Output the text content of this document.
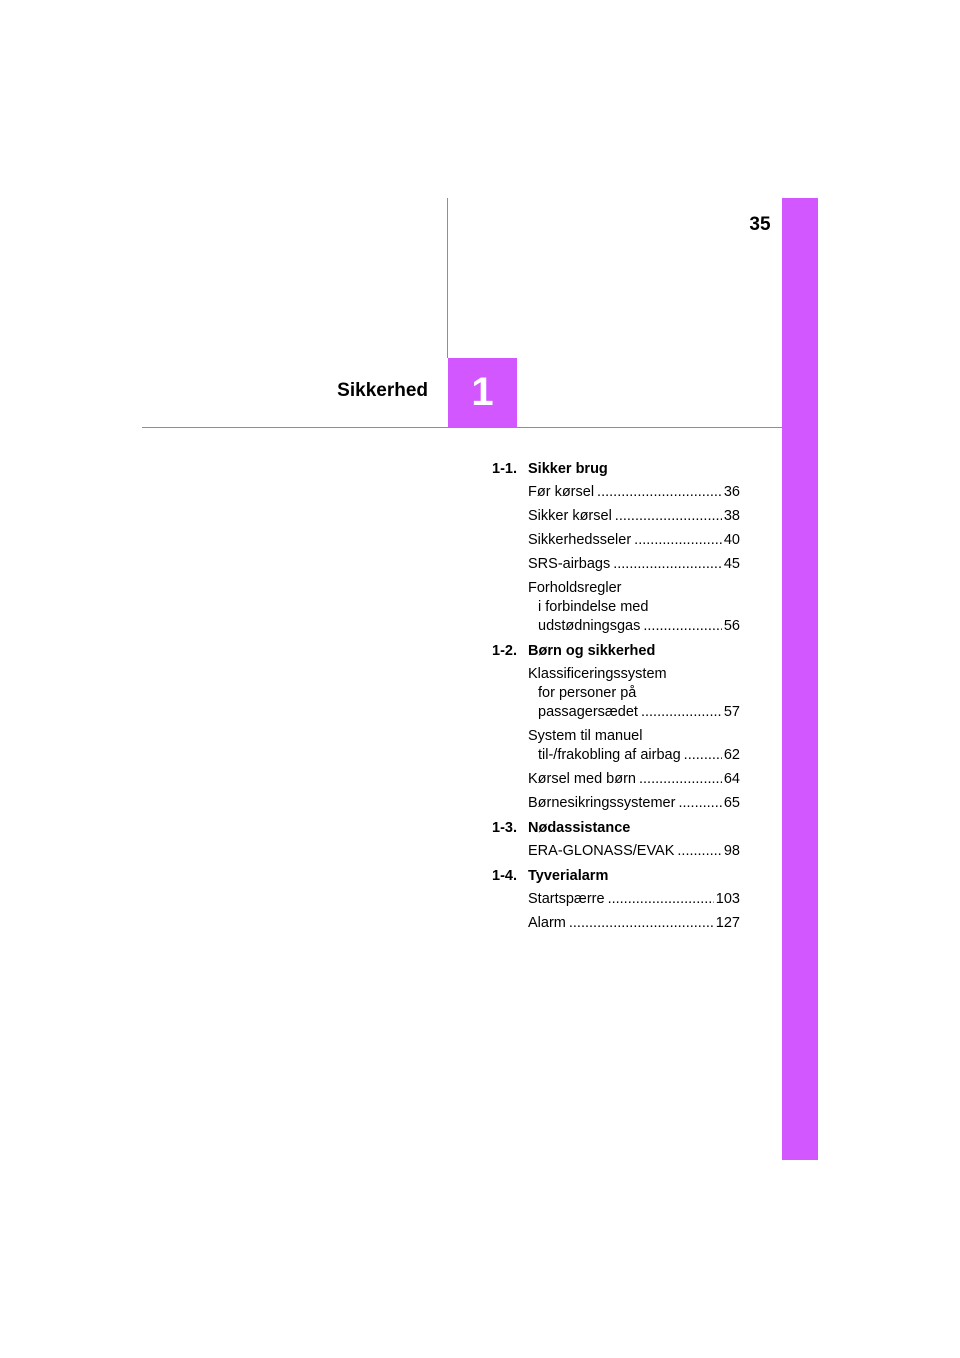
35
1
Sikkerhed
1-1. Sikker brug
Før kørsel .....	36
Sikker kørsel .....	38
Sikkerhedsseler .....	40
SRS-airbags .....	45
Forholdsregler
i forbindelse med
udstødningsgas .....	56
1-2. Børn og sikkerhed
Klassificeringssystem
for personer på
passagersædet .....	57
System til manuel
til-/frakobling af airbag .....	62
Kørsel med børn .....	64
Børnesikringssystemer .....	65
1-3. Nødassistance
ERA-GLONASS/EVAK .....	98
1-4. Tyverialarm
Startspærre .....	103
Alarm .....	127
